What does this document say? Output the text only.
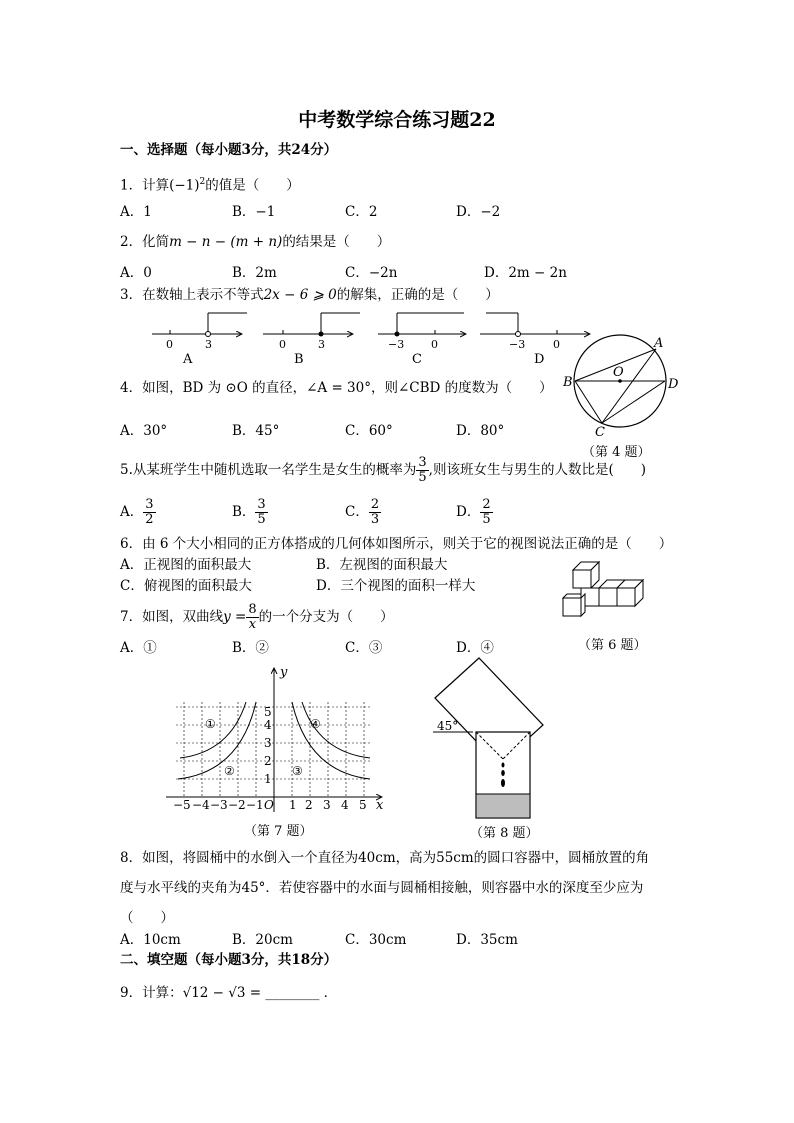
中考数学综合练习题22
一、选择题（每小题3分，共24分）
1．计算$(-1)^2$的值是（　　）
A．1	B．−1	C．2	D．−2
2．化简m − n − (m + n)的结果是（　　）
A．0	B．2m	C．−2n	D．2m − 2n
3．在数轴上表示不等式2x − 6 ⩾ 0的解集，正确的是（　　）
0	3
A
0	3
B
−3 0
C
−3	0
D
4．如图，BD 为 ⊙O 的直径，∠A = 30°，则∠CBD 的度数为（　　）
A．30°	B．45°	C．60°	D．80°
A
B	D
C
O
（第 4 题）
5.从某班学生中随机选取一名学生是女生的概率为 $\frac{3}{5}$ ,则该班女生与男生的人数比是(　　)
A． $\frac{3}{2}$	B． $\frac{3}{5}$	C． $\frac{2}{3}$	D． $\frac{2}{5}$
6．由 6 个大小相同的正方体搭成的几何体如图所示，则关于它的视图说法正确的是（　　）
A．正视图的面积最大	B．左视图的面积最大
C．俯视图的面积最大	D．三个视图的面积一样大
（第 6 题）
7．如图，双曲线$y = \frac{8}{x}$ 的一个分支为（　　）
A．①	B．②	C．③	D．④
①
②	③
④
y
x
O
−5 −4 −3 −2 −1 1 2 3 4 5
1
2
3
4
5
（第 7 题）
45°
（第 8 题）
8．如图，将圆桶中的水倒入一个直径为40cm，高为55cm的圆口容器中，圆桶放置的角
度与水平线的夹角为45°．若使容器中的水面与圆桶相接触，则容器中水的深度至少应为
（　　）
A．10cm	B．20cm	C．30cm	D．35cm
二、填空题（每小题3分，共18分）
9．计算：√12 − √3 = ________ ．
